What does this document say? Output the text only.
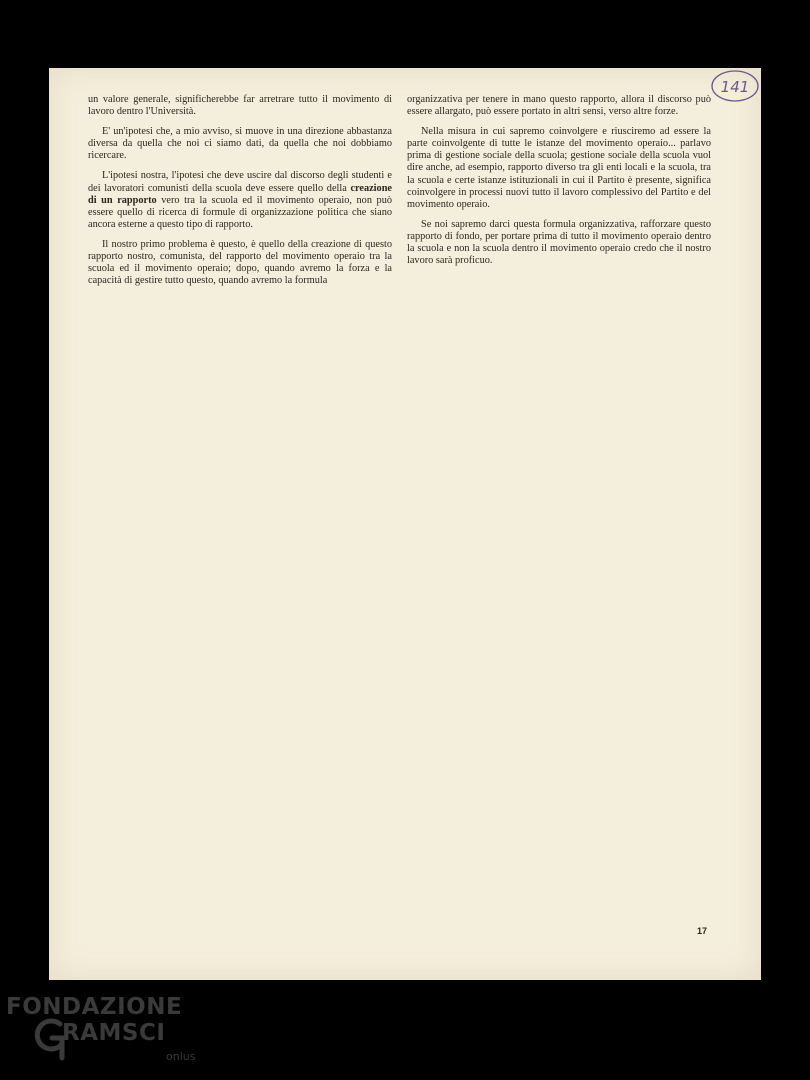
141

un valore generale, significherebbe far arretrare tutto il movimento di lavoro dentro l'Università.

E' un'ipotesi che, a mio avviso, si muove in una direzione abbastanza diversa da quella che noi ci siamo dati, da quella che noi dobbiamo ricercare.

L'ipotesi nostra, l'ipotesi che deve uscire dal discorso degli studenti e dei lavoratori comunisti della scuola deve essere quello della creazione di un rapporto vero tra la scuola ed il movimento operaio, non può essere quello di ricerca di formule di organizzazione politica che siano ancora esterne a questo tipo di rapporto.

Il nostro primo problema è questo, è quello della creazione di questo rapporto nostro, comunista, del rapporto del movimento operaio tra la scuola ed il movimento operaio; dopo, quando avremo la forza e la capacità di gestire tutto questo, quando avremo la formula

organizzativa per tenere in mano questo rapporto, allora il discorso può essere allargato, può essere portato in altri sensi, verso altre forze.

Nella misura in cui sapremo coinvolgere e riusciremo ad essere la parte coinvolgente di tutte le istanze del movimento operaio... parlavo prima di gestione sociale della scuola; gestione sociale della scuola vuol dire anche, ad esempio, rapporto diverso tra gli enti locali e la scuola, tra la scuola e certe istanze istituzionali in cui il Partito è presente, significa coinvolgere in processi nuovi tutto il lavoro complessivo del Partito e del movimento operaio.

Se noi sapremo darci questa formula organizzativa, rafforzare questo rapporto di fondo, per portare prima di tutto il movimento operaio dentro la scuola e non la scuola dentro il movimento operaio credo che il nostro lavoro sarà proficuo.

17
FONDAZIONE
RAMSCI
onlus
